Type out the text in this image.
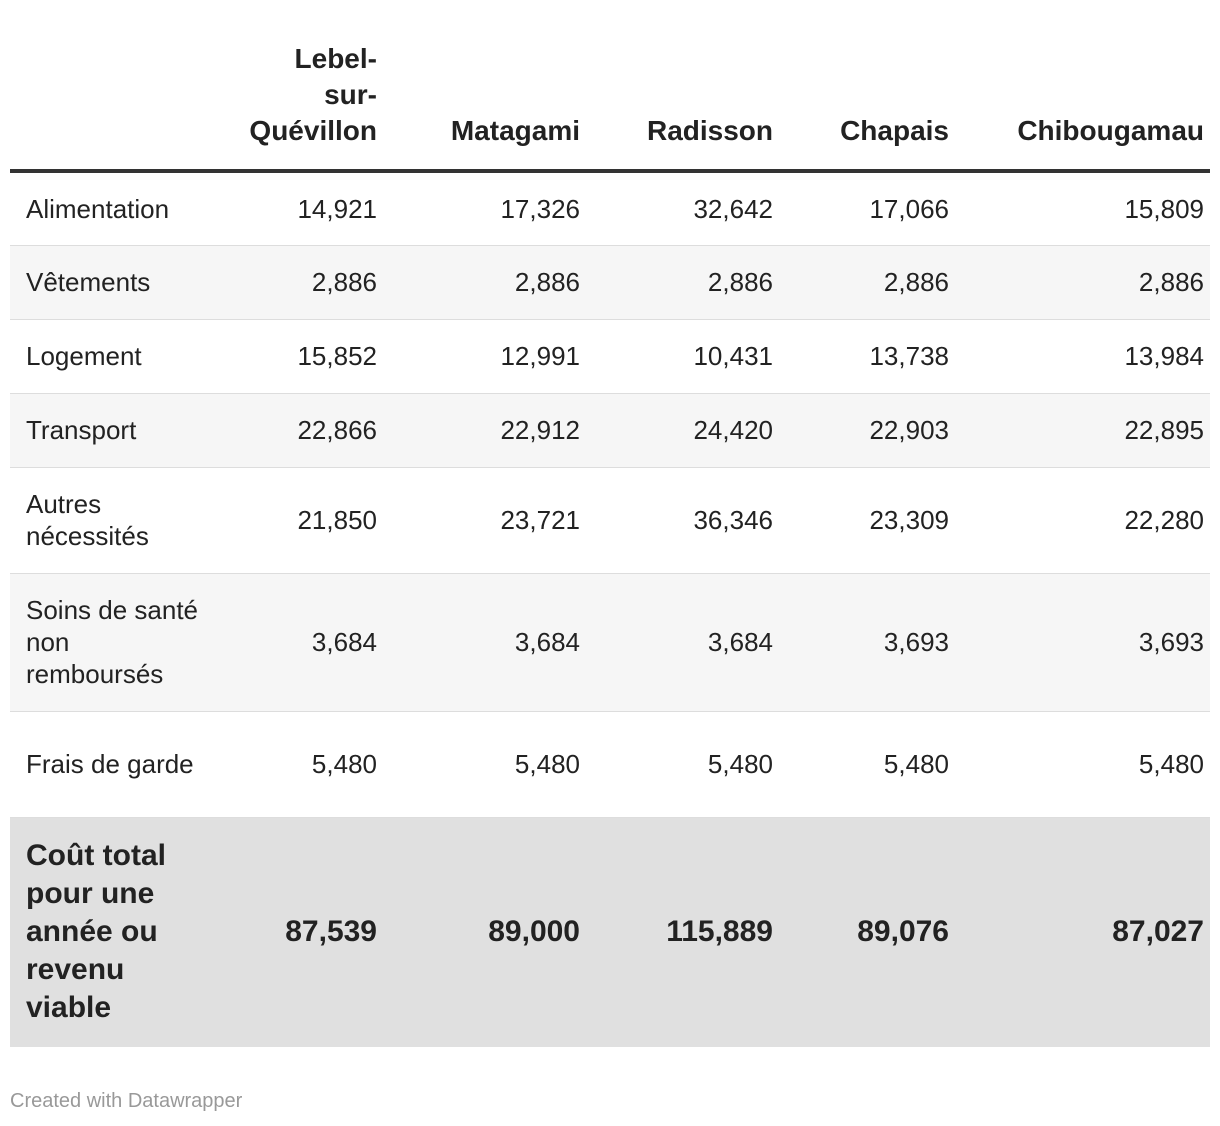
	Lebel-
sur-
Quévillon	Matagami	Radisson	Chapais	Chibougamau

Alimentation	14,921	17,326	32,642	17,066	15,809
Vêtements	2,886	2,886	2,886	2,886	2,886
Logement	15,852	12,991	10,431	13,738	13,984
Transport	22,866	22,912	24,420	22,903	22,895
Autres nécessités	21,850	23,721	36,346	23,309	22,280
Soins de santé non remboursés	3,684	3,684	3,684	3,693	3,693
Frais de garde	5,480	5,480	5,480	5,480	5,480
Coût total pour une année ou revenu viable	87,539	89,000	115,889	89,076	87,027
Created with Datawrapper
